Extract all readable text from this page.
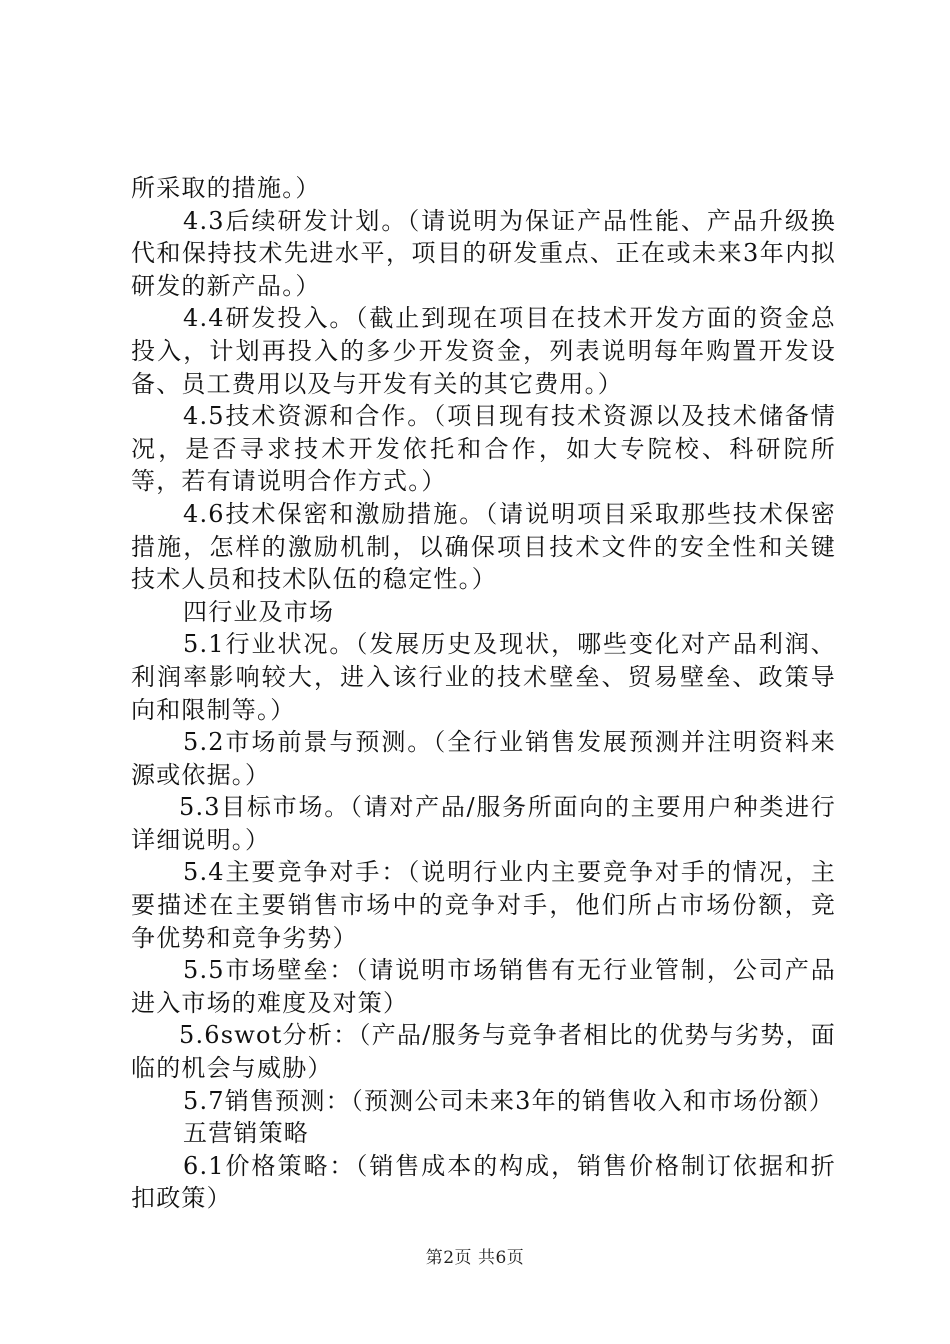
所采取的措施。）

4.3后续研发计划。（请说明为保证产品性能、产品升级换代和保持技术先进水平，项目的研发重点、正在或未来3年内拟研发的新产品。）

4.4研发投入。（截止到现在项目在技术开发方面的资金总投入，计划再投入的多少开发资金，列表说明每年购置开发设备、员工费用以及与开发有关的其它费用。）

4.5技术资源和合作。（项目现有技术资源以及技术储备情况，是否寻求技术开发依托和合作，如大专院校、科研院所等，若有请说明合作方式。）

4.6技术保密和激励措施。（请说明项目采取那些技术保密措施，怎样的激励机制，以确保项目技术文件的安全性和关键技术人员和技术队伍的稳定性。）

四行业及市场

5.1行业状况。（发展历史及现状，哪些变化对产品利润、利润率影响较大，进入该行业的技术壁垒、贸易壁垒、政策导向和限制等。）

5.2市场前景与预测。（全行业销售发展预测并注明资料来源或依据。）

5.3目标市场。（请对产品/服务所面向的主要用户种类进行详细说明。）

5.4主要竞争对手：（说明行业内主要竞争对手的情况，主要描述在主要销售市场中的竞争对手，他们所占市场份额，竞争优势和竞争劣势）

5.5市场壁垒：（请说明市场销售有无行业管制，公司产品进入市场的难度及对策）

5.6swot分析：（产品/服务与竞争者相比的优势与劣势，面临的机会与威胁）

5.7销售预测：（预测公司未来3年的销售收入和市场份额）

五营销策略

6.1价格策略：（销售成本的构成，销售价格制订依据和折扣政策）

第2页 共6页
